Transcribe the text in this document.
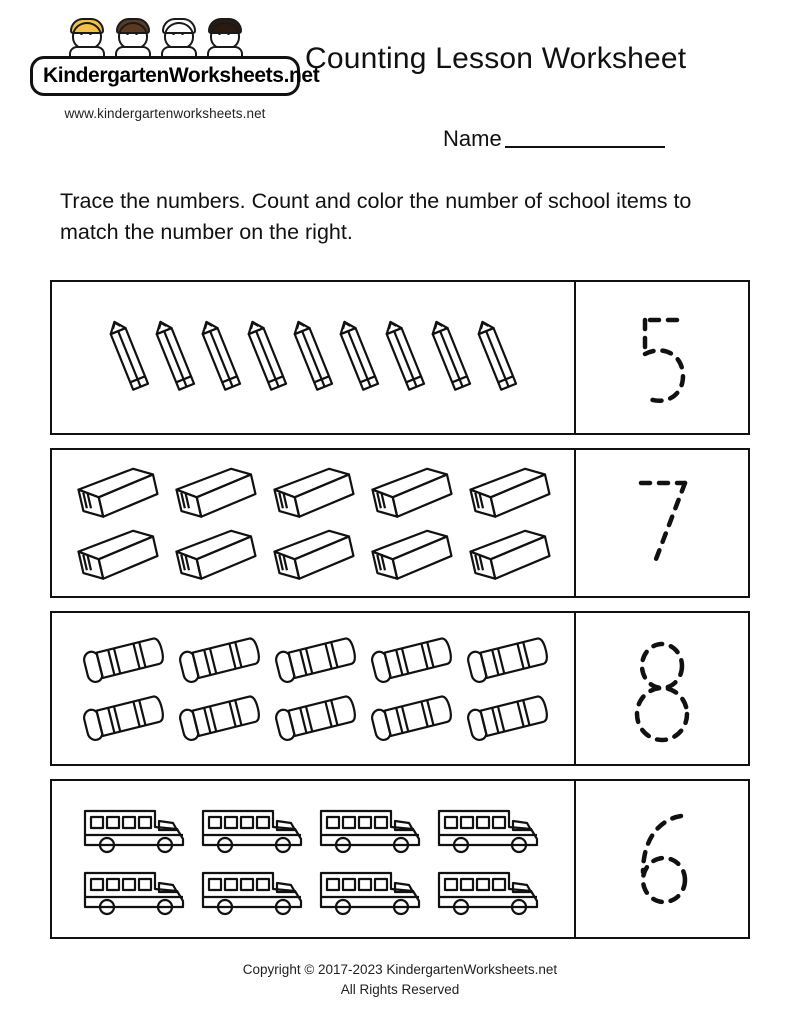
KindergartenWorksheets.net
www.kindergartenworksheets.net
Counting Lesson Worksheet
Name
Trace the numbers. Count and color the number of school items to match the number on the right.
Copyright © 2017-2023 KindergartenWorksheets.net
All Rights Reserved
